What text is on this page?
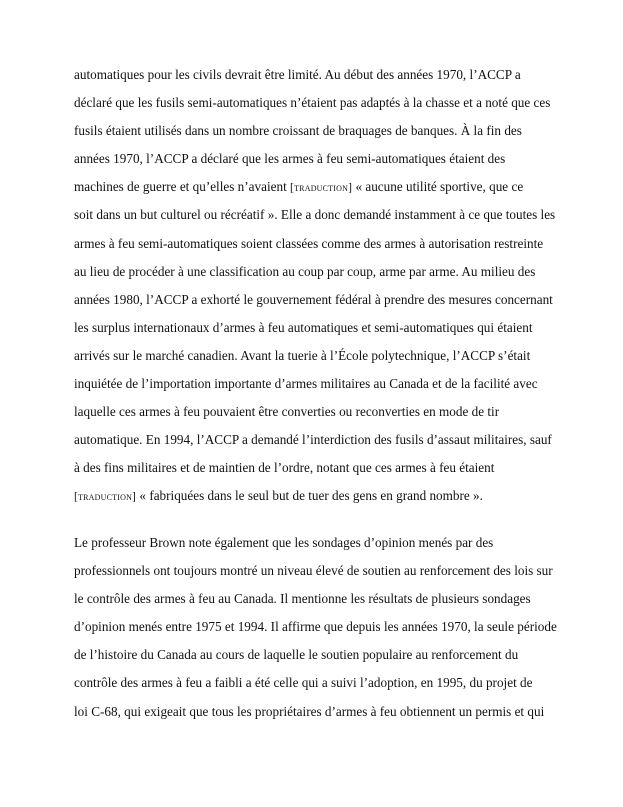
automatiques pour les civils devrait être limité. Au début des années 1970, l’ACCP a
déclaré que les fusils semi-automatiques n’étaient pas adaptés à la chasse et a noté que ces
fusils étaient utilisés dans un nombre croissant de braquages de banques. À la fin des
années 1970, l’ACCP a déclaré que les armes à feu semi-automatiques étaient des
machines de guerre et qu’elles n’avaient [traduction] « aucune utilité sportive, que ce
soit dans un but culturel ou récréatif ». Elle a donc demandé instamment à ce que toutes les
armes à feu semi-automatiques soient classées comme des armes à autorisation restreinte
au lieu de procéder à une classification au coup par coup, arme par arme. Au milieu des
années 1980, l’ACCP a exhorté le gouvernement fédéral à prendre des mesures concernant
les surplus internationaux d’armes à feu automatiques et semi-automatiques qui étaient
arrivés sur le marché canadien. Avant la tuerie à l’École polytechnique, l’ACCP s’était
inquiétée de l’importation importante d’armes militaires au Canada et de la facilité avec
laquelle ces armes à feu pouvaient être converties ou reconverties en mode de tir
automatique. En 1994, l’ACCP a demandé l’interdiction des fusils d’assaut militaires, sauf
à des fins militaires et de maintien de l’ordre, notant que ces armes à feu étaient
[traduction] « fabriquées dans le seul but de tuer des gens en grand nombre ».
Le professeur Brown note également que les sondages d’opinion menés par des
professionnels ont toujours montré un niveau élevé de soutien au renforcement des lois sur
le contrôle des armes à feu au Canada. Il mentionne les résultats de plusieurs sondages
d’opinion menés entre 1975 et 1994. Il affirme que depuis les années 1970, la seule période
de l’histoire du Canada au cours de laquelle le soutien populaire au renforcement du
contrôle des armes à feu a faibli a été celle qui a suivi l’adoption, en 1995, du projet de
loi C-68, qui exigeait que tous les propriétaires d’armes à feu obtiennent un permis et qui
